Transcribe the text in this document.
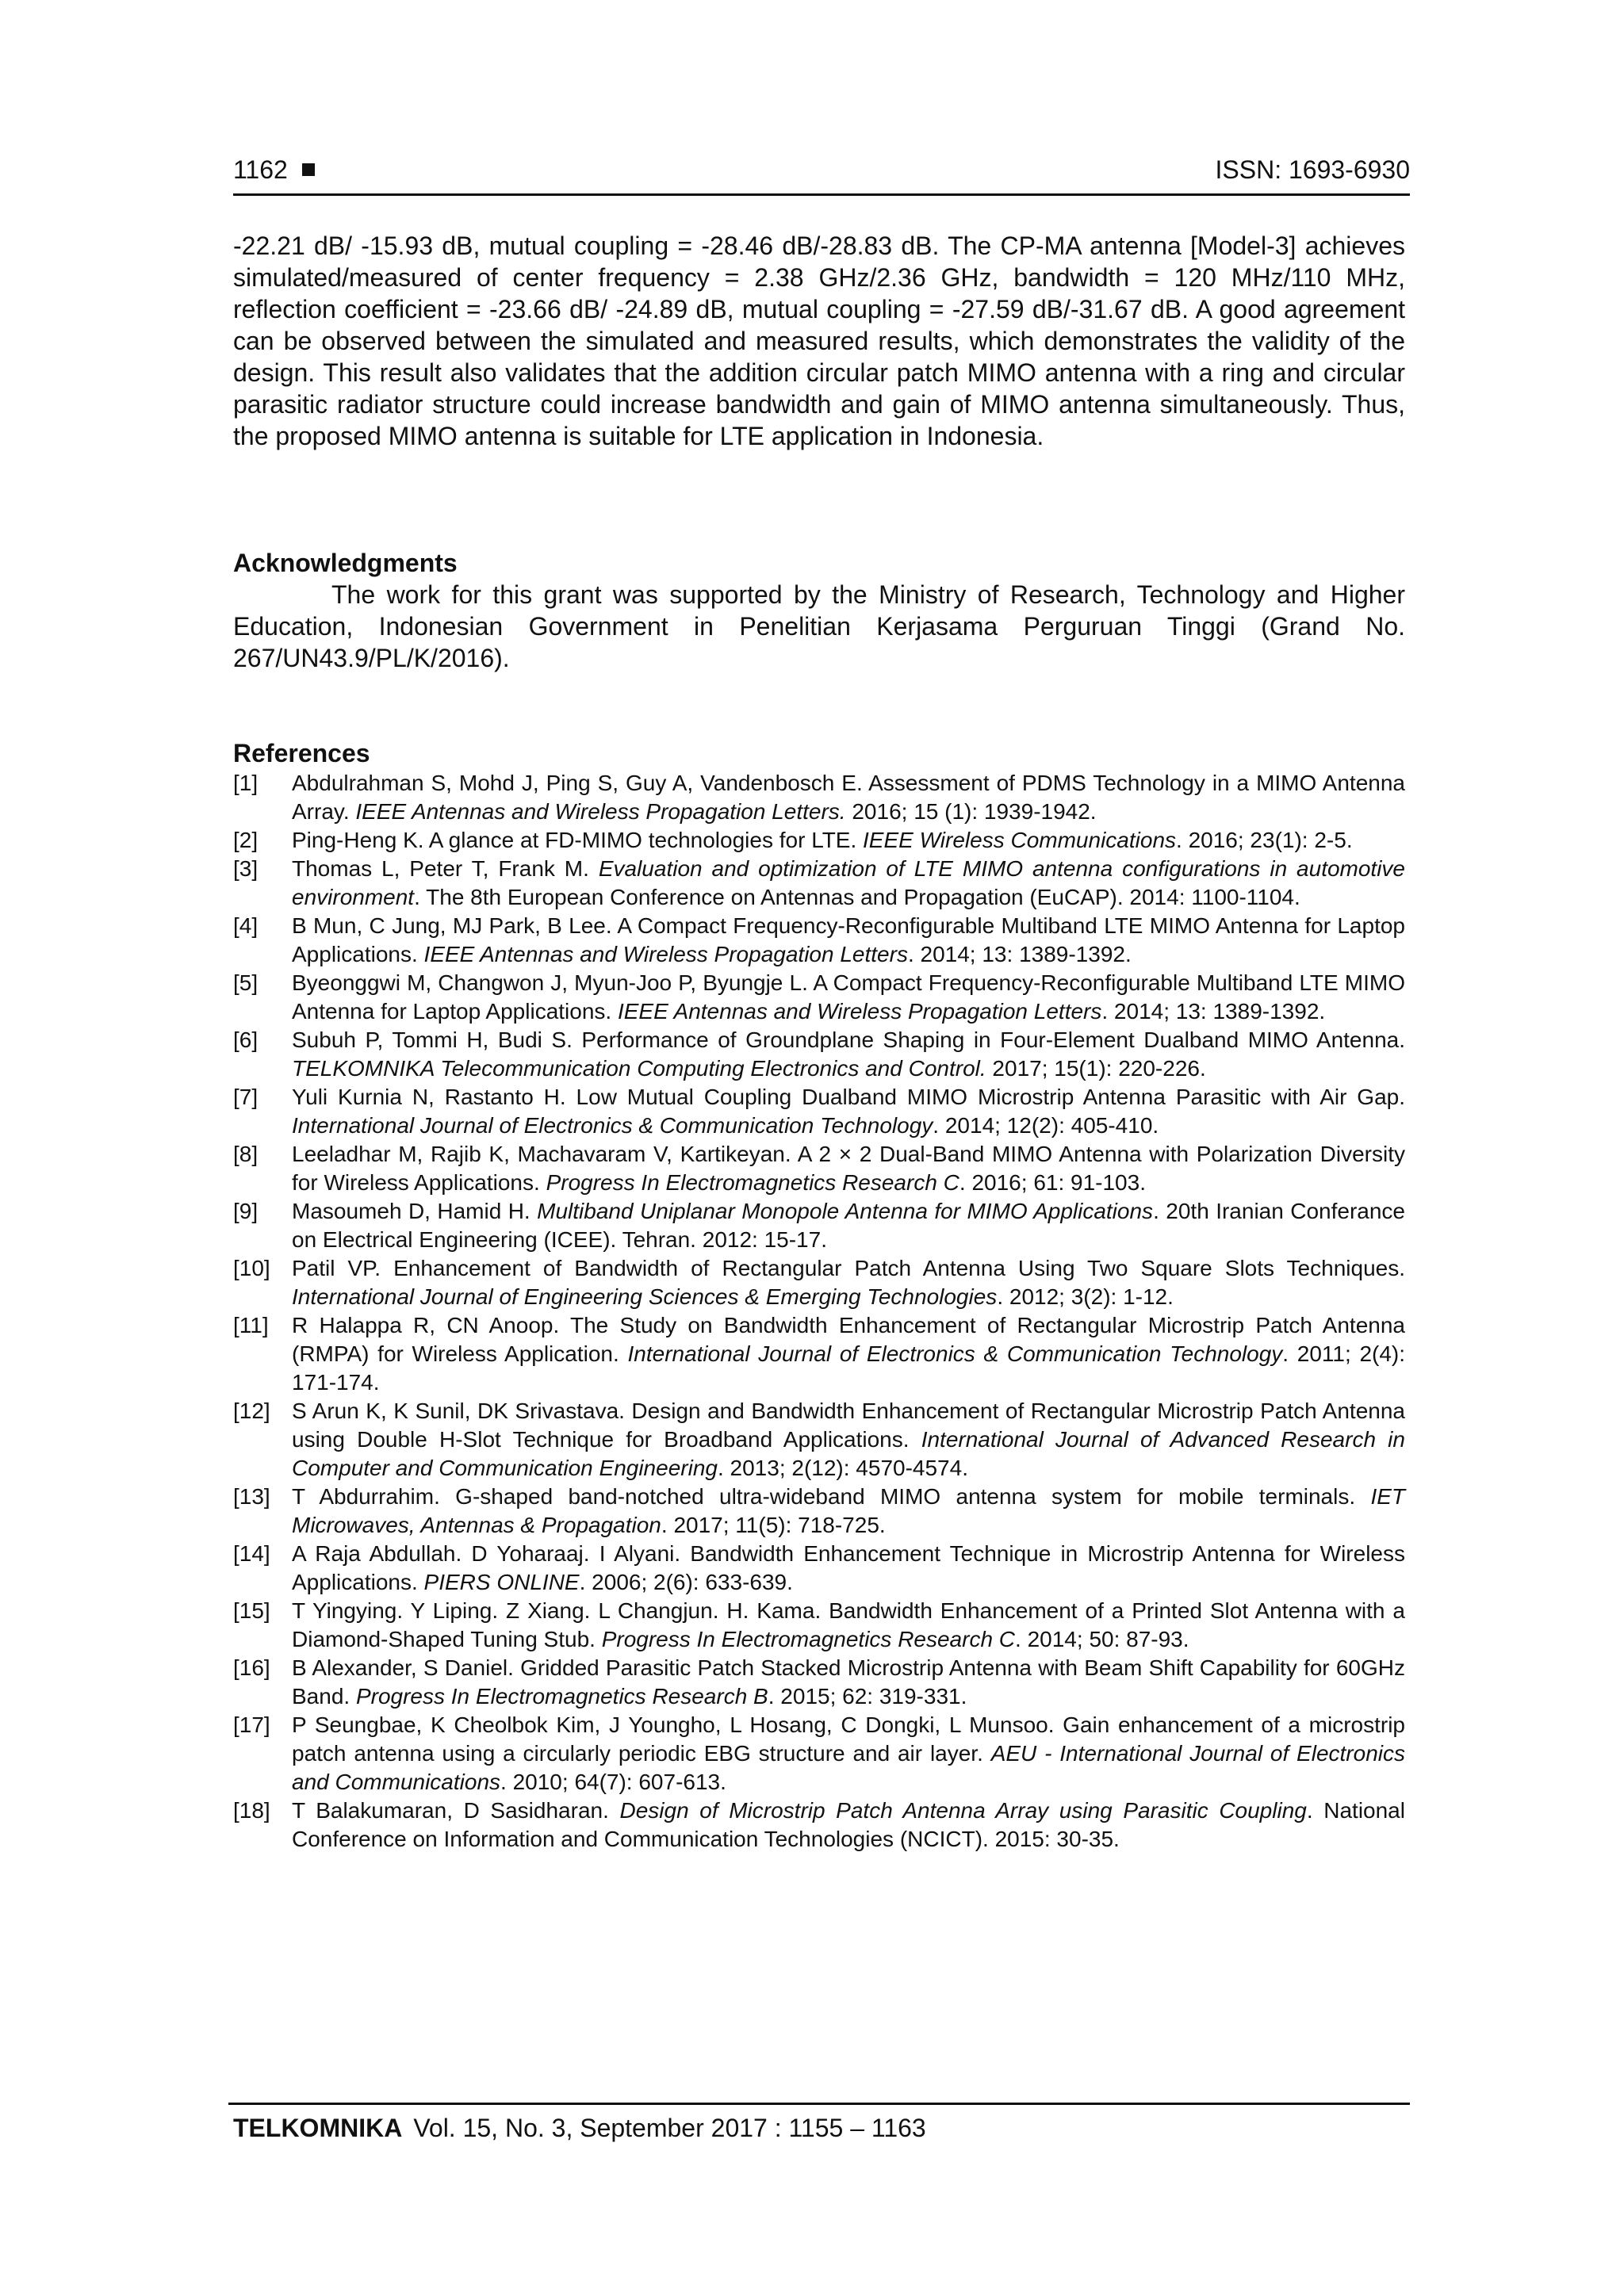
1162	ISSN: 1693-6930

-22.21 dB/ -15.93 dB, mutual coupling = -28.46 dB/-28.83 dB. The CP-MA antenna [Model-3] achieves simulated/measured of center frequency = 2.38 GHz/2.36 GHz, bandwidth = 120 MHz/110 MHz, reflection coefficient = -23.66 dB/ -24.89 dB, mutual coupling = -27.59 dB/-31.67 dB. A good agreement can be observed between the simulated and measured results, which demonstrates the validity of the design. This result also validates that the addition circular patch MIMO antenna with a ring and circular parasitic radiator structure could increase bandwidth and gain of MIMO antenna simultaneously. Thus, the proposed MIMO antenna is suitable for LTE application in Indonesia.

Acknowledgments

The work for this grant was supported by the Ministry of Research, Technology and Higher Education, Indonesian Government in Penelitian Kerjasama Perguruan Tinggi (Grand No. 267/UN43.9/PL/K/2016).

References

[1]	Abdulrahman S, Mohd J, Ping S, Guy A, Vandenbosch E. Assessment of PDMS Technology in a MIMO Antenna Array. IEEE Antennas and Wireless Propagation Letters. 2016; 15 (1): 1939-1942.
[2]	Ping-Heng K. A glance at FD-MIMO technologies for LTE. IEEE Wireless Communications. 2016; 23(1): 2-5.
[3]	Thomas L, Peter T, Frank M. Evaluation and optimization of LTE MIMO antenna configurations in automotive environment. The 8th European Conference on Antennas and Propagation (EuCAP). 2014: 1100-1104.
[4]	B Mun, C Jung, MJ Park, B Lee. A Compact Frequency-Reconfigurable Multiband LTE MIMO Antenna for Laptop Applications. IEEE Antennas and Wireless Propagation Letters. 2014; 13: 1389-1392.
[5]	Byeonggwi M, Changwon J, Myun-Joo P, Byungje L. A Compact Frequency-Reconfigurable Multiband LTE MIMO Antenna for Laptop Applications. IEEE Antennas and Wireless Propagation Letters. 2014; 13: 1389-1392.
[6]	Subuh P, Tommi H, Budi S. Performance of Groundplane Shaping in Four-Element Dualband MIMO Antenna. TELKOMNIKA Telecommunication Computing Electronics and Control. 2017; 15(1): 220-226.
[7]	Yuli Kurnia N, Rastanto H. Low Mutual Coupling Dualband MIMO Microstrip Antenna Parasitic with Air Gap. International Journal of Electronics & Communication Technology. 2014; 12(2): 405-410.
[8]	Leeladhar M, Rajib K, Machavaram V, Kartikeyan. A 2 × 2 Dual-Band MIMO Antenna with Polarization Diversity for Wireless Applications. Progress In Electromagnetics Research C. 2016; 61: 91-103.
[9]	Masoumeh D, Hamid H. Multiband Uniplanar Monopole Antenna for MIMO Applications. 20th Iranian Conferance on Electrical Engineering (ICEE). Tehran. 2012: 15-17.
[10] Patil VP. Enhancement of Bandwidth of Rectangular Patch Antenna Using Two Square Slots Techniques. International Journal of Engineering Sciences & Emerging Technologies. 2012; 3(2): 1-12.
[11]	R Halappa R, CN Anoop. The Study on Bandwidth Enhancement of Rectangular Microstrip Patch Antenna (RMPA) for Wireless Application. International Journal of Electronics & Communication Technology. 2011; 2(4): 171-174.
[12] S Arun K, K Sunil, DK Srivastava. Design and Bandwidth Enhancement of Rectangular Microstrip Patch Antenna using Double H-Slot Technique for Broadband Applications. International Journal of Advanced Research in Computer and Communication Engineering. 2013; 2(12): 4570-4574.
[13] T Abdurrahim. G-shaped band-notched ultra-wideband MIMO antenna system for mobile terminals. IET Microwaves, Antennas & Propagation. 2017; 11(5): 718-725.
[14] A Raja Abdullah. D Yoharaaj. I Alyani. Bandwidth Enhancement Technique in Microstrip Antenna for Wireless Applications. PIERS ONLINE. 2006; 2(6): 633-639.
[15] T Yingying. Y Liping. Z Xiang. L Changjun. H. Kama. Bandwidth Enhancement of a Printed Slot Antenna with a Diamond-Shaped Tuning Stub. Progress In Electromagnetics Research C. 2014; 50: 87-93.
[16] B Alexander, S Daniel. Gridded Parasitic Patch Stacked Microstrip Antenna with Beam Shift Capability for 60GHz Band. Progress In Electromagnetics Research B. 2015; 62: 319-331.
[17] P Seungbae, K Cheolbok Kim, J Youngho, L Hosang, C Dongki, L Munsoo. Gain enhancement of a microstrip patch antenna using a circularly periodic EBG structure and air layer. AEU - International Journal of Electronics and Communications. 2010; 64(7): 607-613.
[18] T Balakumaran, D Sasidharan. Design of Microstrip Patch Antenna Array using Parasitic Coupling. National Conference on Information and Communication Technologies (NCICT). 2015: 30-35.
TELKOMNIKA Vol. 15, No. 3, September 2017 : 1155 – 1163
